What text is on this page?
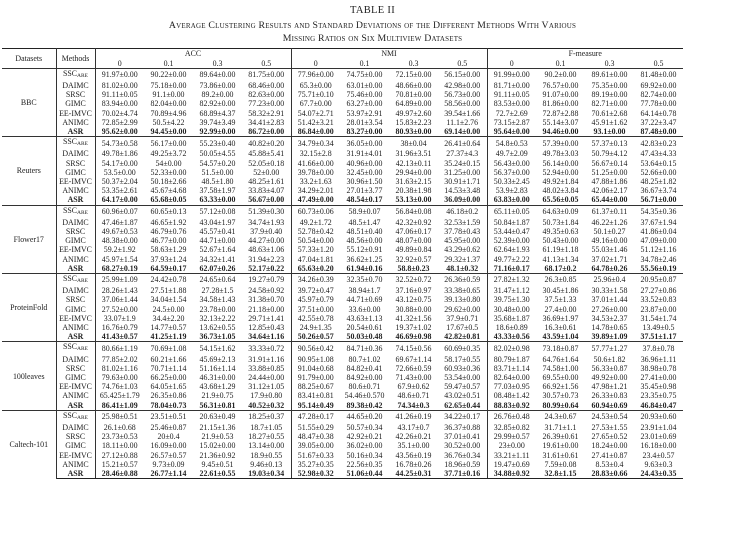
TABLE II
Average Clustering Results and Standard Deviations of the Different Methods With Various
Missing Ratios on Six Multiview Datasets
Datasets	Methods	ACC				NMI				F-measure			
		0	0.1	0.3	0.5	0	0.1	0.3	0.5	0	0.1	0.3	0.5
BBC	SSCARE	91.97±0.00	90.22±0.00	89.64±0.00	81.75±0.00	77.96±0.00	74.75±0.00	72.15±0.00	56.15±0.00	91.99±0.00	90.2±0.00	89.61±0.00	81.48±0.00
	DAIMC	81.02±0.00	75.18±0.00	73.86±0.00	68.46±0.00	65.3±0.00	63.01±0.00	48.66±0.00	42.98±0.00	81.71±0.00	76.57±0.00	75.35±0.00	69.92±0.00
	SRSC	91.11±0.05	91.1±0.00	89.2±0.00	82.63±0.00	75.71±0.10	75.46±0.00	70.81±0.00	56.73±0.00	91.11±0.05	91.07±0.00	89.19±0.00	82.74±0.00
	GIMC	83.94±0.00	82.04±0.00	82.92±0.00	77.23±0.00	67.7±0.00	63.27±0.00	64.89±0.00	58.56±0.00	83.53±0.00	81.86±0.00	82.71±0.00	77.78±0.00
	EE-IMVC	70.02±4.74	70.89±4.96	68.89±4.37	58.32±2.91	54.07±2.71	53.97±2.91	49.97±2.60	39.54±1.66	72.7±2.69	72.87±2.88	70.61±2.68	64.14±0.78
	ANIMC	72.85±2.99	50.5±4.22	39.74±3.49	34.41±2.83	51.42±3.21	28.01±3.54	15.83±2.23	11.1±2.76	73.15±2.87	55.14±3.07	45.91±1.62	37.22±3.47
	ASR	95.62±0.00	94.45±0.00	92.99±0.00	86.72±0.00	86.84±0.00	83.27±0.00	80.93±0.00	69.14±0.00	95.64±0.00	94.46±0.00	93.1±0.00	87.48±0.00
Reuters	SSCARE	54.73±0.58	56.17±0.00	55.23±0.40	40.82±0.20	34.79±0.34	36.05±0.00	38±0.04	26.41±0.64	54.8±0.53	57.39±0.00	57.37±0.13	42.83±0.23
	DAIMC	49.78±1.86	49.25±3.72	50.05±4.55	45.88±5.41	32.15±2.8	31.91±4.01	31.96±3.51	27.37±4.3	49.7±2.09	49.78±3.03	50.79±4.12	47.43±4.33
	SRSC	54.17±0.00	54±0.00	54.57±0.20	52.05±0.18	41.66±0.00	40.96±0.00	42.13±0.11	35.24±0.15	56.43±0.00	56.14±0.00	56.67±0.14	53.64±0.15
	GIMC	53.5±0.00	52.33±0.00	51.5±0.00	52±0.00	39.78±0.00	32.45±0.00	29.94±0.00	31.25±0.00	56.37±0.00	52.94±0.00	51.25±0.00	52.66±0.00
	EE-IMVC	50.37±2.04	50.18±2.66	48.5±1.80	48.25±1.61	33.2±1.63	30.96±1.50	31.63±2.15	30.91±1.71	50.33±2.45	49.92±1.84	47.88±1.86	48.25±1.82
	ANIMC	53.35±2.61	45.67±4.68	37.58±1.97	33.83±4.07	34.29±2.01	27.01±3.77	20.38±1.98	14.53±3.48	53.9±2.83	48.02±3.84	42.06±2.17	36.67±3.74
	ASR	64.17±0.00	65.68±0.05	63.33±0.00	56.67±0.00	47.49±0.00	48.54±0.17	53.13±0.00	36.09±0.00	63.83±0.00	65.56±0.05	65.44±0.00	56.71±0.00
Flower17	SSCARE	60.96±0.07	60.65±0.13	57.12±0.08	51.39±0.30	60.73±0.06	58.9±0.07	56.84±0.08	46.18±0.2	65.11±0.05	64.63±0.09	61.37±0.11	54.35±0.36
	DAIMC	47.46±1.87	46.65±1.92	43.04±1.97	34.74±1.93	49.2±1.72	48.5±1.47	42.32±0.92	32.53±1.59	50.84±1.87	50.73±1.84	46.22±1.26	37.67±1.94
	SRSC	49.67±0.53	46.79±0.76	45.57±0.41	37.9±0.40	52.78±0.42	48.51±0.40	47.06±0.17	37.78±0.43	53.44±0.47	49.35±0.63	50.1±0.27	41.86±0.04
	GIMC	48.38±0.00	46.77±0.00	44.71±0.00	44.27±0.00	50.54±0.00	48.56±0.00	48.07±0.00	45.95±0.00	52.39±0.00	50.43±0.00	49.16±0.00	47.09±0.00
	EE-IMVC	59.2±1.92	58.63±1.29	52.67±1.64	48.63±1.06	57.33±1.20	55.12±0.91	49.89±0.84	43.29±0.62	62.64±1.93	61.19±1.18	55.03±1.46	51.12±1.16
	ANIMC	45.97±1.54	37.93±1.24	34.32±1.41	31.94±2.23	47.04±1.81	36.62±1.25	32.92±0.57	29.32±1.37	49.77±2.22	41.13±1.34	37.02±1.71	34.78±2.46
	ASR	68.27±0.19	64.59±0.17	62.07±0.26	52.17±0.22	65.63±0.20	61.94±0.16	58.8±0.23	48.1±0.32	71.16±0.17	68.17±0.2	64.78±0.26	55.56±0.19
ProteinFold	SSCARE	25.99±1.09	24.42±0.78	24.65±0.64	19.27±0.79	34.26±0.39	32.35±0.70	32.52±0.72	26.36±0.59	27.82±1.32	26.3±0.85	25.96±0.4	20.95±0.87
	DAIMC	28.26±1.43	27.51±1.88	27.28±1.5	24.58±0.92	39.72±0.47	38.94±1.7	37.16±0.97	33.38±0.65	31.47±1.12	30.45±1.86	30.33±1.58	27.27±0.86
	SRSC	37.06±1.44	34.04±1.54	34.58±1.43	31.38±0.70	45.97±0.79	44.71±0.69	43.12±0.75	39.13±0.80	39.75±1.30	37.5±1.33	37.01±1.44	33.52±0.83
	GIMC	27.52±0.00	24.5±0.00	23.78±0.00	21.18±0.00	37.51±0.00	33.6±0.00	30.88±0.00	29.62±0.00	30.48±0.00	27.4±0.00	27.26±0.00	23.87±0.00
	EE-IMVC	33.07±1.9	34.4±2.20	32.13±2.22	29.71±1.41	42.55±0.78	43.63±1.13	41.32±1.56	37.9±0.71	35.68±1.87	36.69±1.97	34.53±2.37	31.54±1.74
	ANIMC	16.76±0.79	14.77±0.57	13.62±0.55	12.85±0.43	24.9±1.35	20.54±0.61	19.37±1.02	17.67±0.5	18.6±0.89	16.3±0.61	14.78±0.65	13.49±0.5
	ASR	41.43±0.57	41.25±1.19	36.73±1.05	34.64±1.16	50.26±0.57	50.03±0.48	46.69±0.98	42.82±0.81	43.33±0.56	43.59±1.04	39.89±1.09	37.51±1.17
100leaves	SSCARE	80.66±1.19	70.69±1.08	54.15±1.62	33.33±0.72	90.56±0.42	84.71±0.36	74.15±0.56	60.69±0.35	82.02±0.98	73.18±0.87	57.77±1.27	37.8±0.78
	DAIMC	77.85±2.02	60.21±1.66	45.69±2.13	31.91±1.16	90.95±1.08	80.7±1.02	69.67±1.14	58.17±0.55	80.79±1.87	64.76±1.64	50.6±1.82	36.96±1.11
	SRSC	81.02±1.16	70.71±1.14	51.16±1.14	33.88±0.85	91.04±0.68	84.82±0.41	72.66±0.59	60.93±0.36	83.71±1.14	74.58±1.00	56.33±0.87	38.98±0.78
	GIMC	79.63±0.00	66.25±0.00	46.31±0.00	24.44±0.00	91.79±0.00	84.92±0.00	71.43±0.00	53.54±0.00	82.64±0.00	69.55±0.00	49.92±0.00	27.41±0.00
	EE-IMVC	74.76±1.03	64.05±1.65	43.68±1.29	31.12±1.05	88.25±0.67	80.6±0.71	67.9±0.62	59.47±0.57	77.03±0.95	66.92±1.56	47.98±1.21	35.45±0.98
	ANIMC	65.425±1.79	26.35±0.86	21.9±0.75	17.9±0.80	83.41±0.81	54.46±0.570	48.6±0.71	43.02±0.51	08.48±1.42	30.57±0.73	26.33±0.83	23.35±0.75
	ASR	86.41±1.09	78.04±0.73	56.31±0.81	40.52±0.32	95.14±0.49	89.38±0.42	74.34±0.3	62.65±0.44	88.83±0.92	80.99±0.64	60.94±0.69	46.84±0.47
Caltech-101	SSCARE	25.98±0.51	23.51±0.51	20.63±0.49	18.25±0.37	47.28±0.17	44.65±0.20	41.26±0.19	34.22±0.17	26.76±0.48	24.3±0.67	24.53±0.54	20.93±0.60
	DAIMC	26.1±0.68	25.46±0.87	21.15±1.36	18.7±1.05	51.55±0.29	50.57±0.34	43.17±0.7	36.37±0.88	32.85±0.82	31.71±1.1	27.53±1.55	23.91±1.04
	SRSC	23.73±0.53	20±0.4	21.9±0.53	18.27±0.55	48.47±0.38	42.92±0.21	42.26±0.21	37.01±0.41	29.99±0.57	26.39±0.61	27.65±0.52	23.01±0.69
	GIMC	18.11±0.00	16.09±0.00	15.02±0.00	13.14±0.00	39.05±0.00	36.02±0.00	35.1±0.00	30.52±0.00	23±0.00	19.61±0.00	18.24±0.00	16.18±0.00
	EE-IMVC	27.12±0.88	26.57±0.57	21.36±0.92	18.9±0.55	51.67±0.33	50.16±0.34	43.56±0.19	36.76±0.34	33.21±1.11	31.61±0.61	27.41±0.87	23.4±0.57
	ANIMC	15.21±0.57	9.73±0.09	9.45±0.51	9.46±0.13	35.27±0.35	22.56±0.35	16.78±0.26	18.96±0.59	19.47±0.69	7.59±0.08	8.53±0.4	9.63±0.3
	ASR	28.46±0.88	26.77±1.14	22.61±0.55	19.03±0.34	52.98±0.32	51.06±0.44	44.25±0.31	37.71±0.16	34.88±0.92	32.8±1.15	28.83±0.66	24.43±0.35
